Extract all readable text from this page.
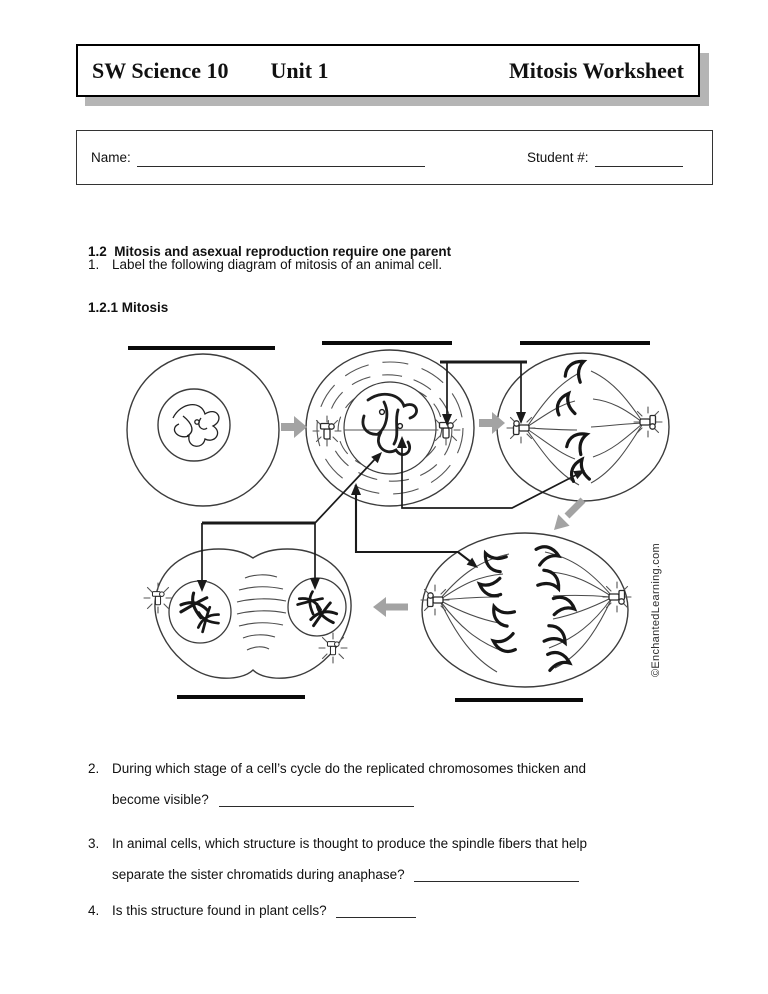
SW Science 10 Unit 1	Mitosis Worksheet
Name:	Student #:

1.2  Mitosis and asexual reproduction require one parent

1.2.1 Mitosis

1. Label the following diagram of mitosis of an animal cell.
©EnchantedLearning.com
2. During which stage of a cell’s cycle do the replicated chromosomes thicken and
become visible?
3. In animal cells, which structure is thought to produce the spindle fibers that help
separate the sister chromatids during anaphase?
4. Is this structure found in plant cells?
